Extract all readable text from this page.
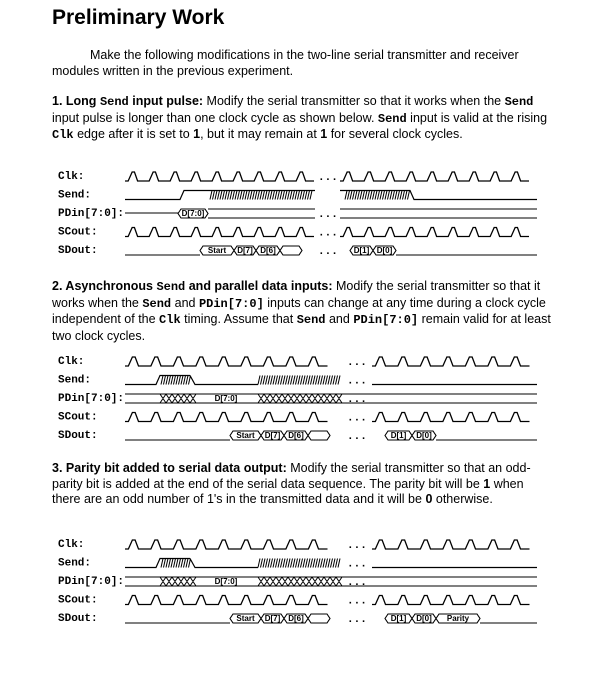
Preliminary Work

Make the following modifications in the two-line serial transmitter and receiver modules written in the previous experiment.

1. Long Send input pulse: Modify the serial transmitter so that it works when the Send input pulse is longer than one clock cycle as shown below. Send input is valid at the rising Clk edge after it is set to 1, but it may remain at 1 for several clock cycles.

Clk:
Send:
PDin[7:0]:
SCout:
SDout:
...
D[7:0]	...
...
...
Start D[7] D[6]	D[1] D[0]

2. Asynchronous Send and parallel data inputs: Modify the serial transmitter so that it works when the Send and PDin[7:0] inputs can change at any time during a clock cycle independent of the Clk timing. Assume that Send and PDin[7:0] remain valid for at least two clock cycles.

Clk:
Send:
PDin[7:0]:
SCout:
SDout:
...
...
D[7:0]	...
...
...
Start D[7] D[6]	D[1] D[0]

3. Parity bit added to serial data output: Modify the serial transmitter so that an odd-parity bit is added at the end of the serial data sequence. The parity bit will be 1 when there are an odd number of 1's in the transmitted data and it will be 0 otherwise.

Clk:
Send:
PDin[7:0]:
SCout:
SDout:
...
...
D[7:0]	...
...
...
Start D[7] D[6]	D[1] D[0] Parity
